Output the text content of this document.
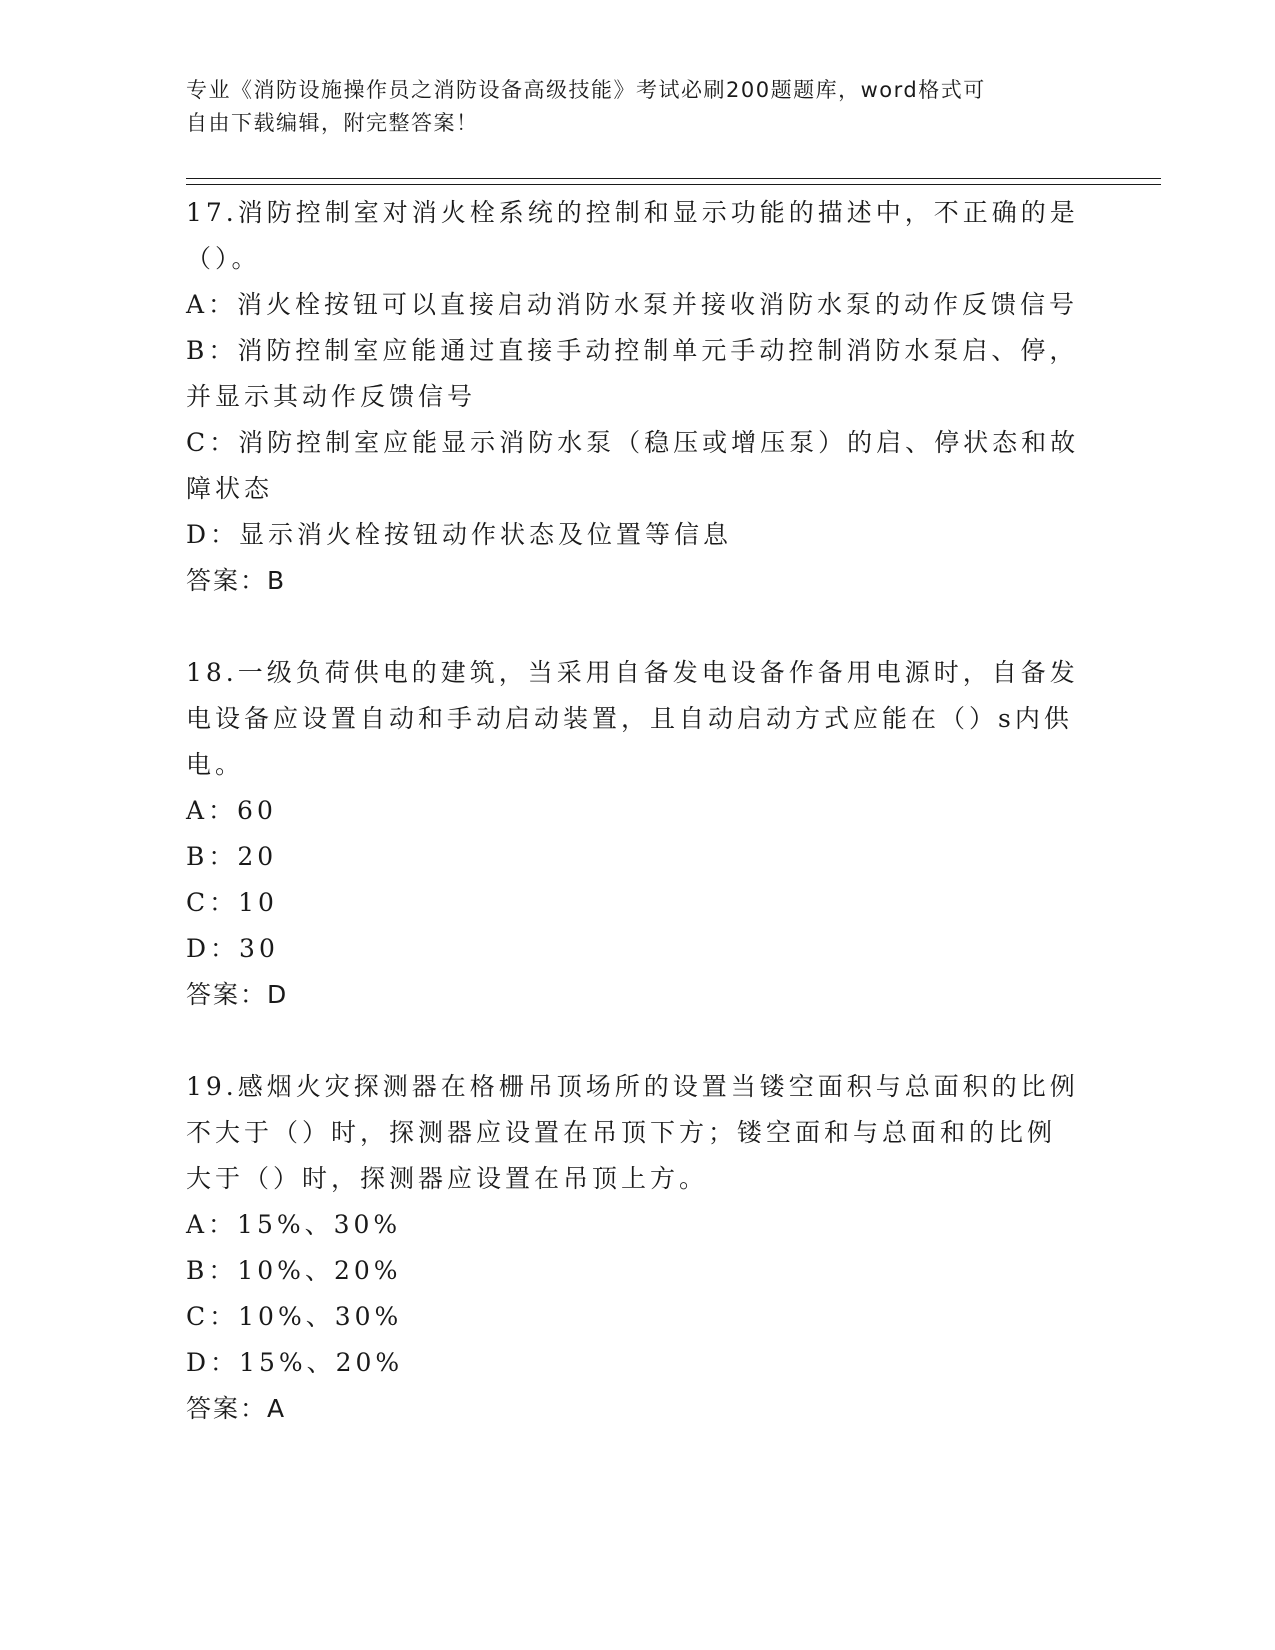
专业《消防设施操作员之消防设备高级技能》考试必刷200题题库，word格式可
自由下载编辑，附完整答案！
17.消防控制室对消火栓系统的控制和显示功能的描述中，不正确的是
（）。
A：消火栓按钮可以直接启动消防水泵并接收消防水泵的动作反馈信号
B：消防控制室应能通过直接手动控制单元手动控制消防水泵启、停，
并显示其动作反馈信号
C：消防控制室应能显示消防水泵（稳压或增压泵）的启、停状态和故
障状态
D：显示消火栓按钮动作状态及位置等信息
答案：B
18.一级负荷供电的建筑，当采用自备发电设备作备用电源时，自备发
电设备应设置自动和手动启动装置，且自动启动方式应能在（）s内供
电。
A：60
B：20
C：10
D：30
答案：D
19.感烟火灾探测器在格栅吊顶场所的设置当镂空面积与总面积的比例
不大于（）时，探测器应设置在吊顶下方；镂空面和与总面和的比例
大于（）时，探测器应设置在吊顶上方。
A：15%、30%
B：10%、20%
C：10%、30%
D：15%、20%
答案：A
